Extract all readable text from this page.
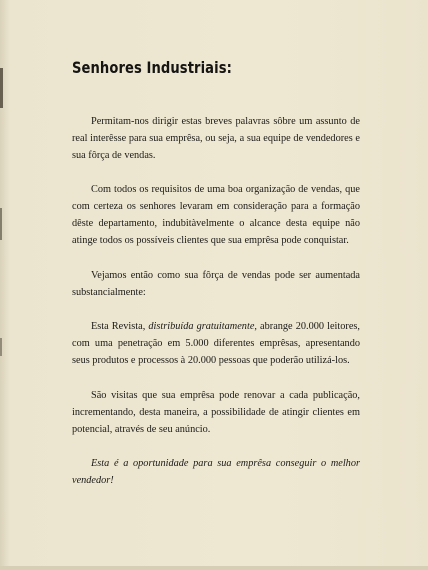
Senhores Industriais:

Permitam-nos dirigir estas breves palavras sôbre um assunto de real interêsse para sua emprêsa, ou seja, a sua equipe de vendedores e sua fôrça de vendas.

Com todos os requisitos de uma boa organização de vendas, que com certeza os senhores levaram em consideração para a formação dêste departamento, indubitàvelmente o alcance desta equipe não atinge todos os possíveis clientes que sua emprêsa pode conquistar.

Vejamos então como sua fôrça de vendas pode ser aumentada substancialmente:

Esta Revista, distribuída gratuitamente, abrange 20.000 leitores, com uma penetração em 5.000 diferentes emprêsas, apresentando seus produtos e processos à 20.000 pessoas que poderão utilizá-los.

São visitas que sua emprêsa pode renovar a cada publicação, incrementando, desta maneira, a possibilidade de atingir clientes em potencial, através de seu anúncio.

Esta é a oportunidade para sua emprêsa conseguir o melhor vendedor!
